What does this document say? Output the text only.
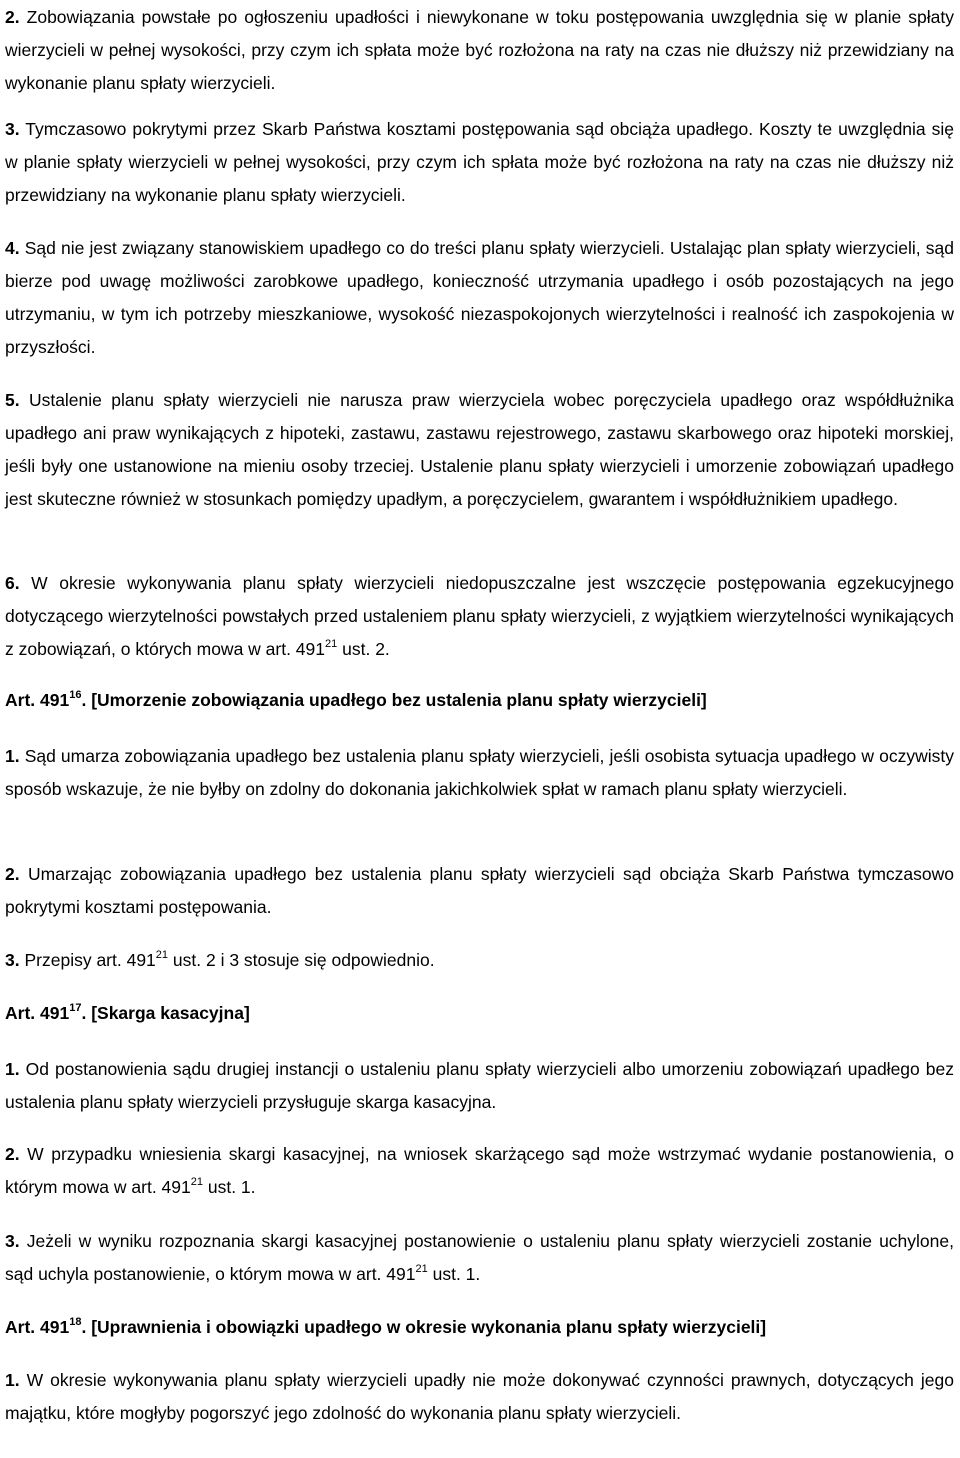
2. Zobowiązania powstałe po ogłoszeniu upadłości i niewykonane w toku postępowania uwzględnia się w planie spłaty wierzycieli w pełnej wysokości, przy czym ich spłata może być rozłożona na raty na czas nie dłuższy niż przewidziany na wykonanie planu spłaty wierzycieli.

3. Tymczasowo pokrytymi przez Skarb Państwa kosztami postępowania sąd obciąża upadłego. Koszty te uwzględnia się w planie spłaty wierzycieli w pełnej wysokości, przy czym ich spłata może być rozłożona na raty na czas nie dłuższy niż przewidziany na wykonanie planu spłaty wierzycieli.

4. Sąd nie jest związany stanowiskiem upadłego co do treści planu spłaty wierzycieli. Ustalając plan spłaty wierzycieli, sąd bierze pod uwagę możliwości zarobkowe upadłego, konieczność utrzymania upadłego i osób pozostających na jego utrzymaniu, w tym ich potrzeby mieszkaniowe, wysokość niezaspokojonych wierzytelności i realność ich zaspokojenia w przyszłości.

5. Ustalenie planu spłaty wierzycieli nie narusza praw wierzyciela wobec poręczyciela upadłego oraz współdłużnika upadłego ani praw wynikających z hipoteki, zastawu, zastawu rejestrowego, zastawu skarbowego oraz hipoteki morskiej, jeśli były one ustanowione na mieniu osoby trzeciej. Ustalenie planu spłaty wierzycieli i umorzenie zobowiązań upadłego jest skuteczne również w stosunkach pomiędzy upadłym, a poręczycielem, gwarantem i współdłużnikiem upadłego.

6. W okresie wykonywania planu spłaty wierzycieli niedopuszczalne jest wszczęcie postępowania egzekucyjnego dotyczącego wierzytelności powstałych przed ustaleniem planu spłaty wierzycieli, z wyjątkiem wierzytelności wynikających z zobowiązań, o których mowa w art. $491^{21}$ ust. 2.

Art. $491^{16}$. [Umorzenie zobowiązania upadłego bez ustalenia planu spłaty wierzycieli]

1. Sąd umarza zobowiązania upadłego bez ustalenia planu spłaty wierzycieli, jeśli osobista sytuacja upadłego w oczywisty sposób wskazuje, że nie byłby on zdolny do dokonania jakichkolwiek spłat w ramach planu spłaty wierzycieli.

2. Umarzając zobowiązania upadłego bez ustalenia planu spłaty wierzycieli sąd obciąża Skarb Państwa tymczasowo pokrytymi kosztami postępowania.

3. Przepisy art. $491^{21}$ ust. 2 i 3 stosuje się odpowiednio.

Art. $491^{17}$. [Skarga kasacyjna]

1. Od postanowienia sądu drugiej instancji o ustaleniu planu spłaty wierzycieli albo umorzeniu zobowiązań upadłego bez ustalenia planu spłaty wierzycieli przysługuje skarga kasacyjna.

2. W przypadku wniesienia skargi kasacyjnej, na wniosek skarżącego sąd może wstrzymać wydanie postanowienia, o którym mowa w art. $491^{21}$ ust. 1.

3. Jeżeli w wyniku rozpoznania skargi kasacyjnej postanowienie o ustaleniu planu spłaty wierzycieli zostanie uchylone, sąd uchyla postanowienie, o którym mowa w art. $491^{21}$ ust. 1.

Art. $491^{18}$. [Uprawnienia i obowiązki upadłego w okresie wykonania planu spłaty wierzycieli]

1. W okresie wykonywania planu spłaty wierzycieli upadły nie może dokonywać czynności prawnych, dotyczących jego majątku, które mogłyby pogorszyć jego zdolność do wykonania planu spłaty wierzycieli.
